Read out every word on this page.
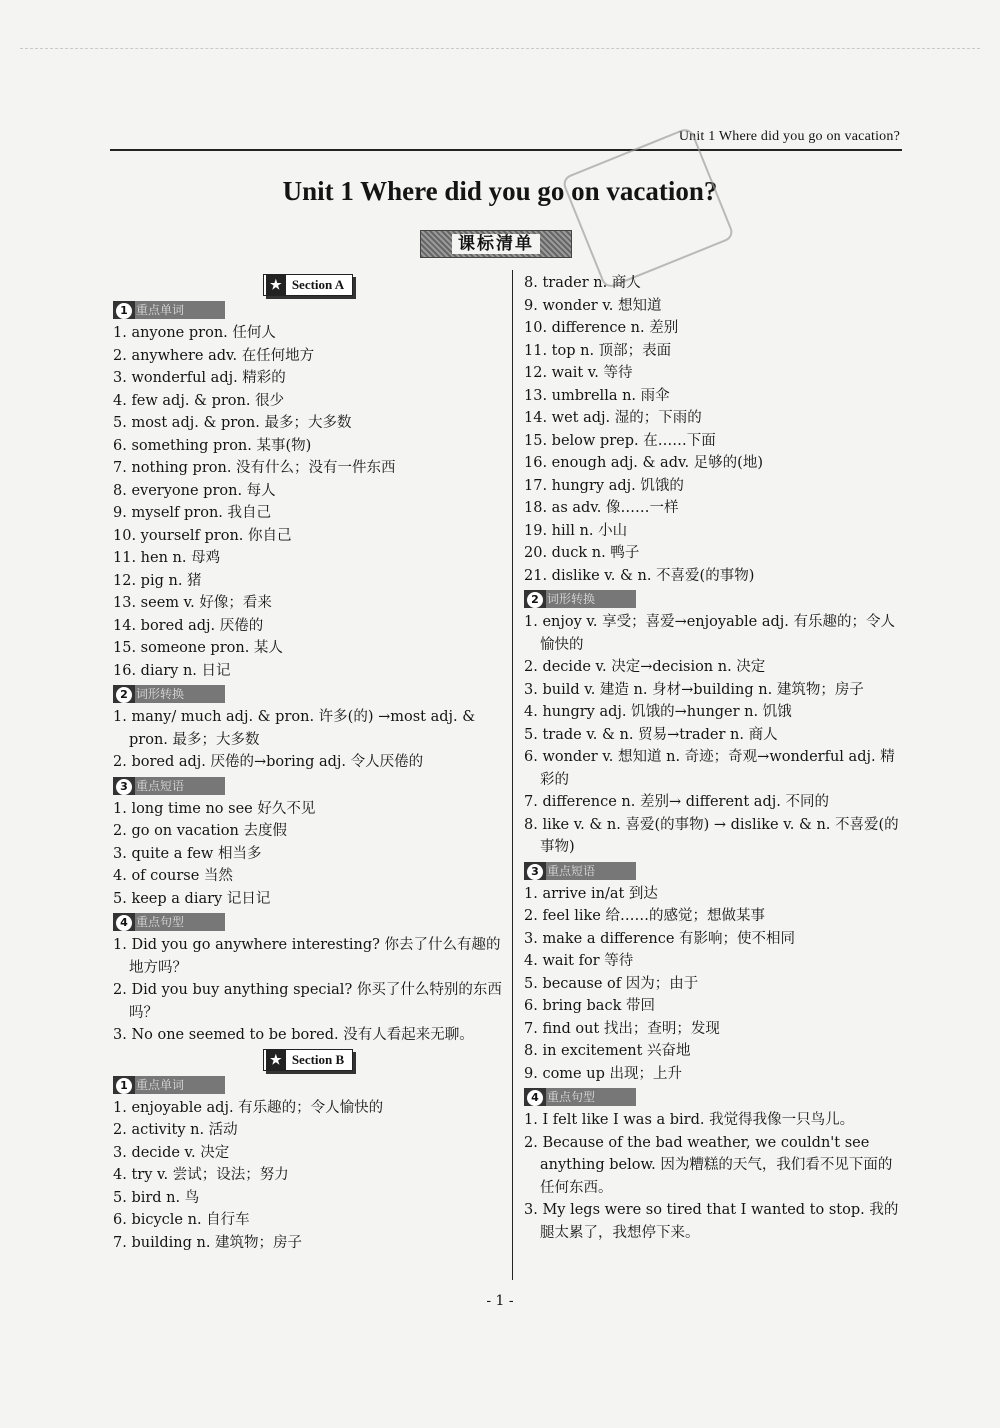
Unit 1 Where did you go on vacation?
Unit 1 Where did you go on vacation?
课标清单
★ Section A
1 重点单词
1. anyone pron. 任何人
2. anywhere adv. 在任何地方
3. wonderful adj. 精彩的
4. few adj. & pron. 很少
5. most adj. & pron. 最多；大多数
6. something pron. 某事(物)
7. nothing pron. 没有什么；没有一件东西
8. everyone pron. 每人
9. myself pron. 我自己
10. yourself pron. 你自己
11. hen n. 母鸡
12. pig n. 猪
13. seem v. 好像；看来
14. bored adj. 厌倦的
15. someone pron. 某人
16. diary n. 日记
2 词形转换
1. many/ much adj. & pron. 许多(的) →most adj. & pron. 最多；大多数
2. bored adj. 厌倦的→boring adj. 令人厌倦的
3 重点短语
1. long time no see 好久不见
2. go on vacation 去度假
3. quite a few 相当多
4. of course 当然
5. keep a diary 记日记
4 重点句型
1. Did you go anywhere interesting? 你去了什么有趣的地方吗？
2. Did you buy anything special? 你买了什么特别的东西吗？
3. No one seemed to be bored. 没有人看起来无聊。
★ Section B
1 重点单词
1. enjoyable adj. 有乐趣的；令人愉快的
2. activity n. 活动
3. decide v. 决定
4. try v. 尝试；设法；努力
5. bird n. 鸟
6. bicycle n. 自行车
7. building n. 建筑物；房子
8. trader n. 商人
9. wonder v. 想知道
10. difference n. 差别
11. top n. 顶部；表面
12. wait v. 等待
13. umbrella n. 雨伞
14. wet adj. 湿的；下雨的
15. below prep. 在……下面
16. enough adj. & adv. 足够的(地)
17. hungry adj. 饥饿的
18. as adv. 像……一样
19. hill n. 小山
20. duck n. 鸭子
21. dislike v. & n. 不喜爱(的事物)
2 词形转换
1. enjoy v. 享受；喜爱→enjoyable adj. 有乐趣的；令人愉快的
2. decide v. 决定→decision n. 决定
3. build v. 建造 n. 身材→building n. 建筑物；房子
4. hungry adj. 饥饿的→hunger n. 饥饿
5. trade v. & n. 贸易→trader n. 商人
6. wonder v. 想知道 n. 奇迹；奇观→wonderful adj. 精彩的
7. difference n. 差别→ different adj. 不同的
8. like v. & n. 喜爱(的事物) → dislike v. & n. 不喜爱(的事物)
3 重点短语
1. arrive in/at 到达
2. feel like 给……的感觉；想做某事
3. make a difference 有影响；使不相同
4. wait for 等待
5. because of 因为；由于
6. bring back 带回
7. find out 找出；查明；发现
8. in excitement 兴奋地
9. come up 出现；上升
4 重点句型
1. I felt like I was a bird. 我觉得我像一只鸟儿。
2. Because of the bad weather, we couldn't see anything below. 因为糟糕的天气，我们看不见下面的任何东西。
3. My legs were so tired that I wanted to stop. 我的腿太累了，我想停下来。
- 1 -
